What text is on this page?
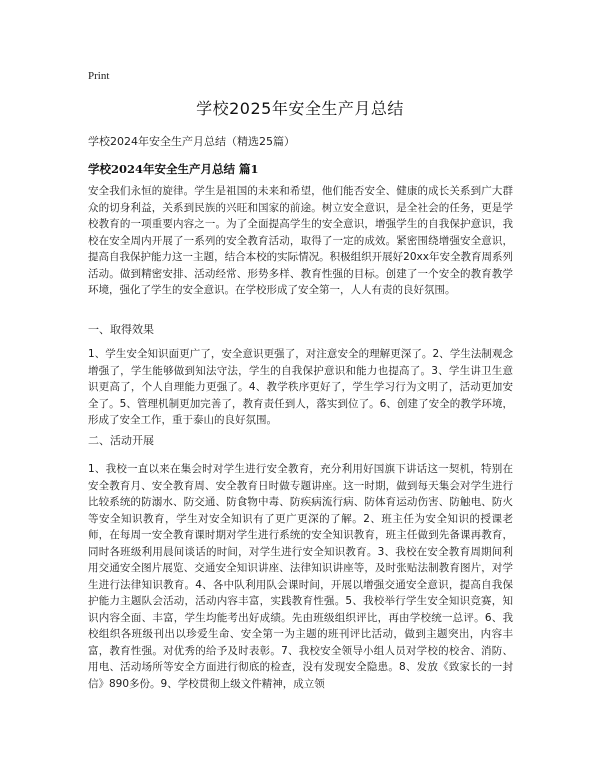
Print
学校2025年安全生产月总结
学校2024年安全生产月总结（精选25篇）
学校2024年安全生产月总结 篇1

安全我们永恒的旋律。学生是祖国的未来和希望，他们能否安全、健康的成长关系到广大群众的切身利益，关系到民族的兴旺和国家的前途。树立安全意识，是全社会的任务，更是学校教育的一项重要内容之一。为了全面提高学生的安全意识，增强学生的自我保护意识，我校在安全周内开展了一系列的安全教育活动，取得了一定的成效。紧密围绕增强安全意识，提高自我保护能力这一主题，结合本校的实际情况。积极组织开展好20xx年安全教育周系列活动。做到精密安排、活动经常、形势多样、教育性强的目标。创建了一个安全的教育教学环境，强化了学生的安全意识。在学校形成了安全第一，人人有责的良好氛围。

一、取得效果

1、学生安全知识面更广了，安全意识更强了，对注意安全的理解更深了。2、学生法制观念增强了，学生能够做到知法守法，学生的自我保护意识和能力也提高了。3、学生讲卫生意识更高了，个人自理能力更强了。4、教学秩序更好了，学生学习行为文明了，活动更加安全了。5、管理机制更加完善了，教育责任到人，落实到位了。6、创建了安全的教学环境，形成了安全工作，重于泰山的良好氛围。

二、活动开展

1、我校一直以来在集会时对学生进行安全教育，充分利用好国旗下讲话这一契机，特别在安全教育月、安全教育周、安全教育日时做专题讲座。这一时期，做到每天集会对学生进行比较系统的防溺水、防交通、防食物中毒、防疾病流行病、防体育运动伤害、防触电、防火等安全知识教育，学生对安全知识有了更广更深的了解。2、班主任为安全知识的授课老师，在每周一安全教育课时期对学生进行系统的安全知识教育，班主任做到先备课再教育，同时各班级利用晨间谈话的时间，对学生进行安全知识教育。3、我校在安全教育周期间利用交通安全图片展览、交通安全知识讲座、法律知识讲座等，及时张贴法制教育图片，对学生进行法律知识教育。4、各中队利用队会课时间，开展以增强交通安全意识，提高自我保护能力主题队会活动，活动内容丰富，实践教育性强。5、我校举行学生安全知识竞赛，知识内容全面、丰富，学生均能考出好成绩。先由班级组织评比，再由学校统一总评。6、我校组织各班级刊出以珍爱生命、安全第一为主题的班刊评比活动，做到主题突出，内容丰富，教育性强。对优秀的给予及时表彰。7、我校安全领导小组人员对学校的校舍、消防、用电、活动场所等安全方面进行彻底的检查，没有发现安全隐患。8、发放《致家长的一封信》890多份。9、学校贯彻上级文件精神，成立领
